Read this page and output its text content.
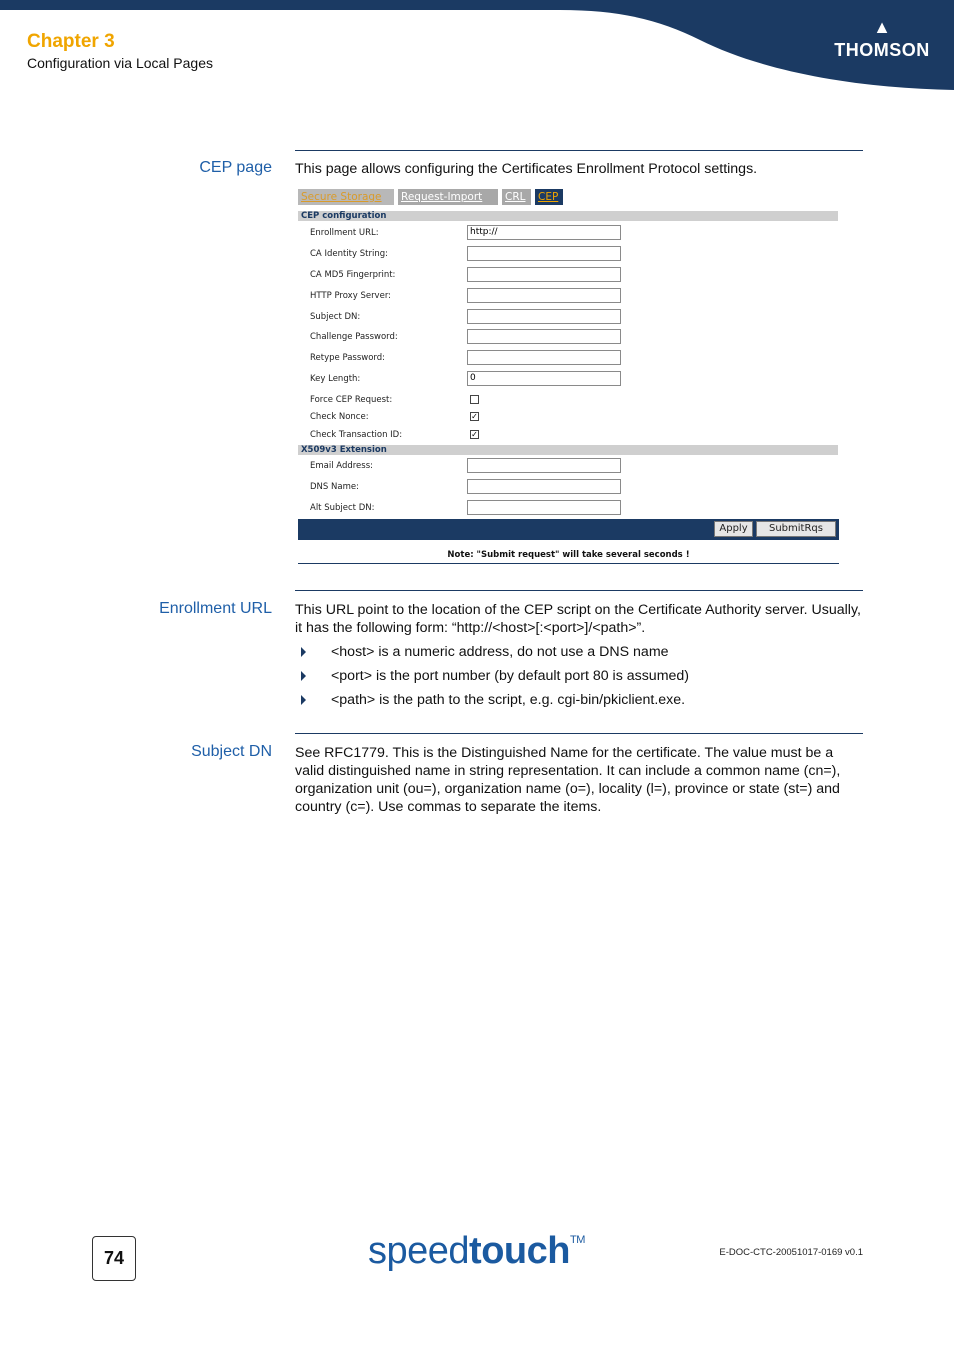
Chapter 3
Configuration via Local Pages
▲
THOMSON
CEP page This page allows configuring the Certificates Enrollment Protocol settings.
Secure Storage	Request-Import	CRL	CEP
CEP configuration
Enrollment URL:	http://
CA Identity String:
CA MD5 Fingerprint:
HTTP Proxy Server:
Subject DN:
Challenge Password:
Retype Password:
Key Length:	0
Force CEP Request:
Check Nonce:	✓
Check Transaction ID:	✓
X509v3 Extension
Email Address:
DNS Name:
Alt Subject DN:
Apply	SubmitRqs
Note: "Submit request" will take several seconds !
Enrollment URL This URL point to the location of the CEP script on the Certificate Authority server. Usually, it has the following form: “http://<host>[:<port>]/<path>”.
<host> is a numeric address, do not use a DNS name
<port> is the port number (by default port 80 is assumed)
<path> is the path to the script, e.g. cgi-bin/pkiclient.exe.
Subject DN See RFC1779. This is the Distinguished Name for the certificate. The value must be a valid distinguished name in string representation. It can include a common name (cn=), organization unit (ou=), organization name (o=), locality (l=), province or state (st=) and country (c=). Use commas to separate the items.
74	speedtouch™
E-DOC-CTC-20051017-0169 v0.1
